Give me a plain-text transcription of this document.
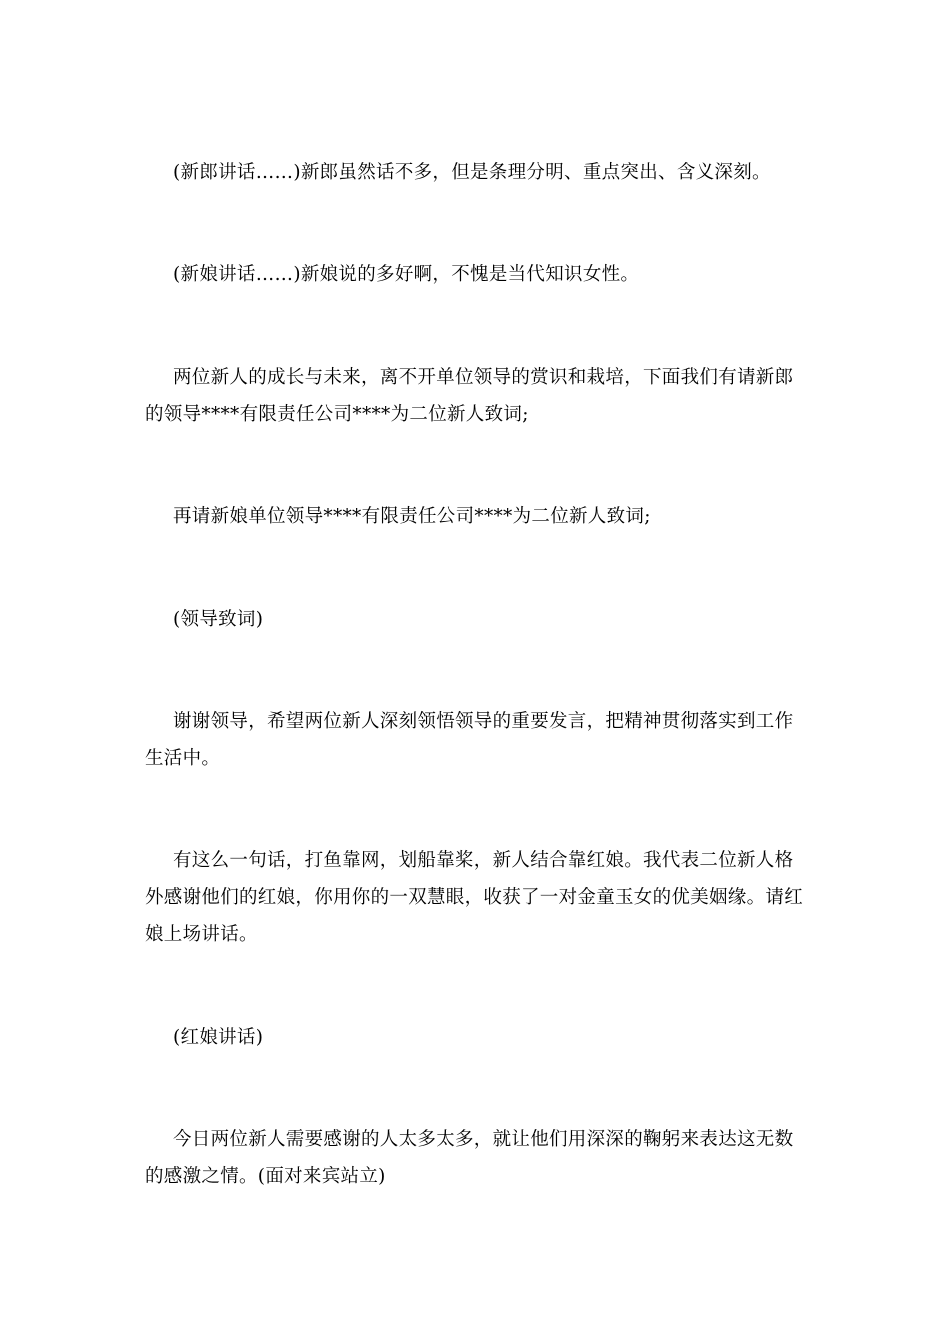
(新郎讲话……)新郎虽然话不多，但是条理分明、重点突出、含义深刻。

(新娘讲话……)新娘说的多好啊，不愧是当代知识女性。

两位新人的成长与未来，离不开单位领导的赏识和栽培，下面我们有请新郎的领导****有限责任公司****为二位新人致词;

再请新娘单位领导****有限责任公司****为二位新人致词;

(领导致词)

谢谢领导，希望两位新人深刻领悟领导的重要发言，把精神贯彻落实到工作生活中。

有这么一句话，打鱼靠网，划船靠桨，新人结合靠红娘。我代表二位新人格外感谢他们的红娘，你用你的一双慧眼，收获了一对金童玉女的优美姻缘。请红娘上场讲话。

(红娘讲话)

今日两位新人需要感谢的人太多太多，就让他们用深深的鞠躬来表达这无数的感激之情。(面对来宾站立)
